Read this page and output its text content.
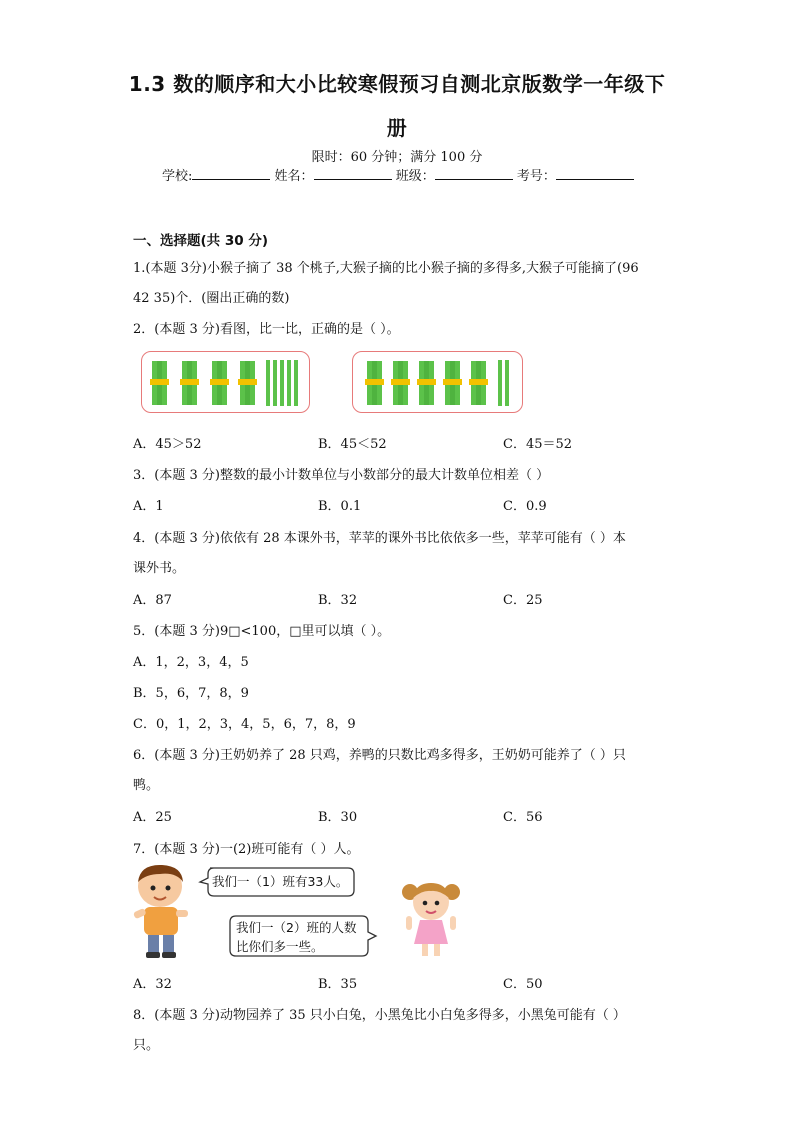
1.3 数的顺序和大小比较寒假预习自测北京版数学一年级下
册
限时：60 分钟；满分 100 分
学校:	姓名：	班级：	考号：
一、选择题(共 30 分)
1.(本题 3分)小猴子摘了 38 个桃子,大猴子摘的比小猴子摘的多得多,大猴子可能摘了(96
42 35)个．(圈出正确的数)
2．(本题 3 分)看图，比一比，正确的是（ ）。
A．45＞52	B．45＜52	C．45＝52
3．(本题 3 分)整数的最小计数单位与小数部分的最大计数单位相差（ ）
A．1	B．0.1	C．0.9
4．(本题 3 分)依依有 28 本课外书，苹苹的课外书比依依多一些，苹苹可能有（ ）本
课外书。
A．87	B．32	C．25
5．(本题 3 分)9□<100，□里可以填（ ）。
A．1，2，3，4，5
B．5，6，7，8，9
C．0，1，2，3，4，5，6，7，8，9
6．(本题 3 分)王奶奶养了 28 只鸡，养鸭的只数比鸡多得多，王奶奶可能养了（ ）只
鸭。
A．25	B．30	C．56
7．(本题 3 分)一(2)班可能有（ ）人。
我们一（1）班有33人。
我们一（2）班的人数
比你们多一些。
A．32	B．35	C．50
8．(本题 3 分)动物园养了 35 只小白兔，小黑兔比小白兔多得多，小黑兔可能有（ ）
只。
